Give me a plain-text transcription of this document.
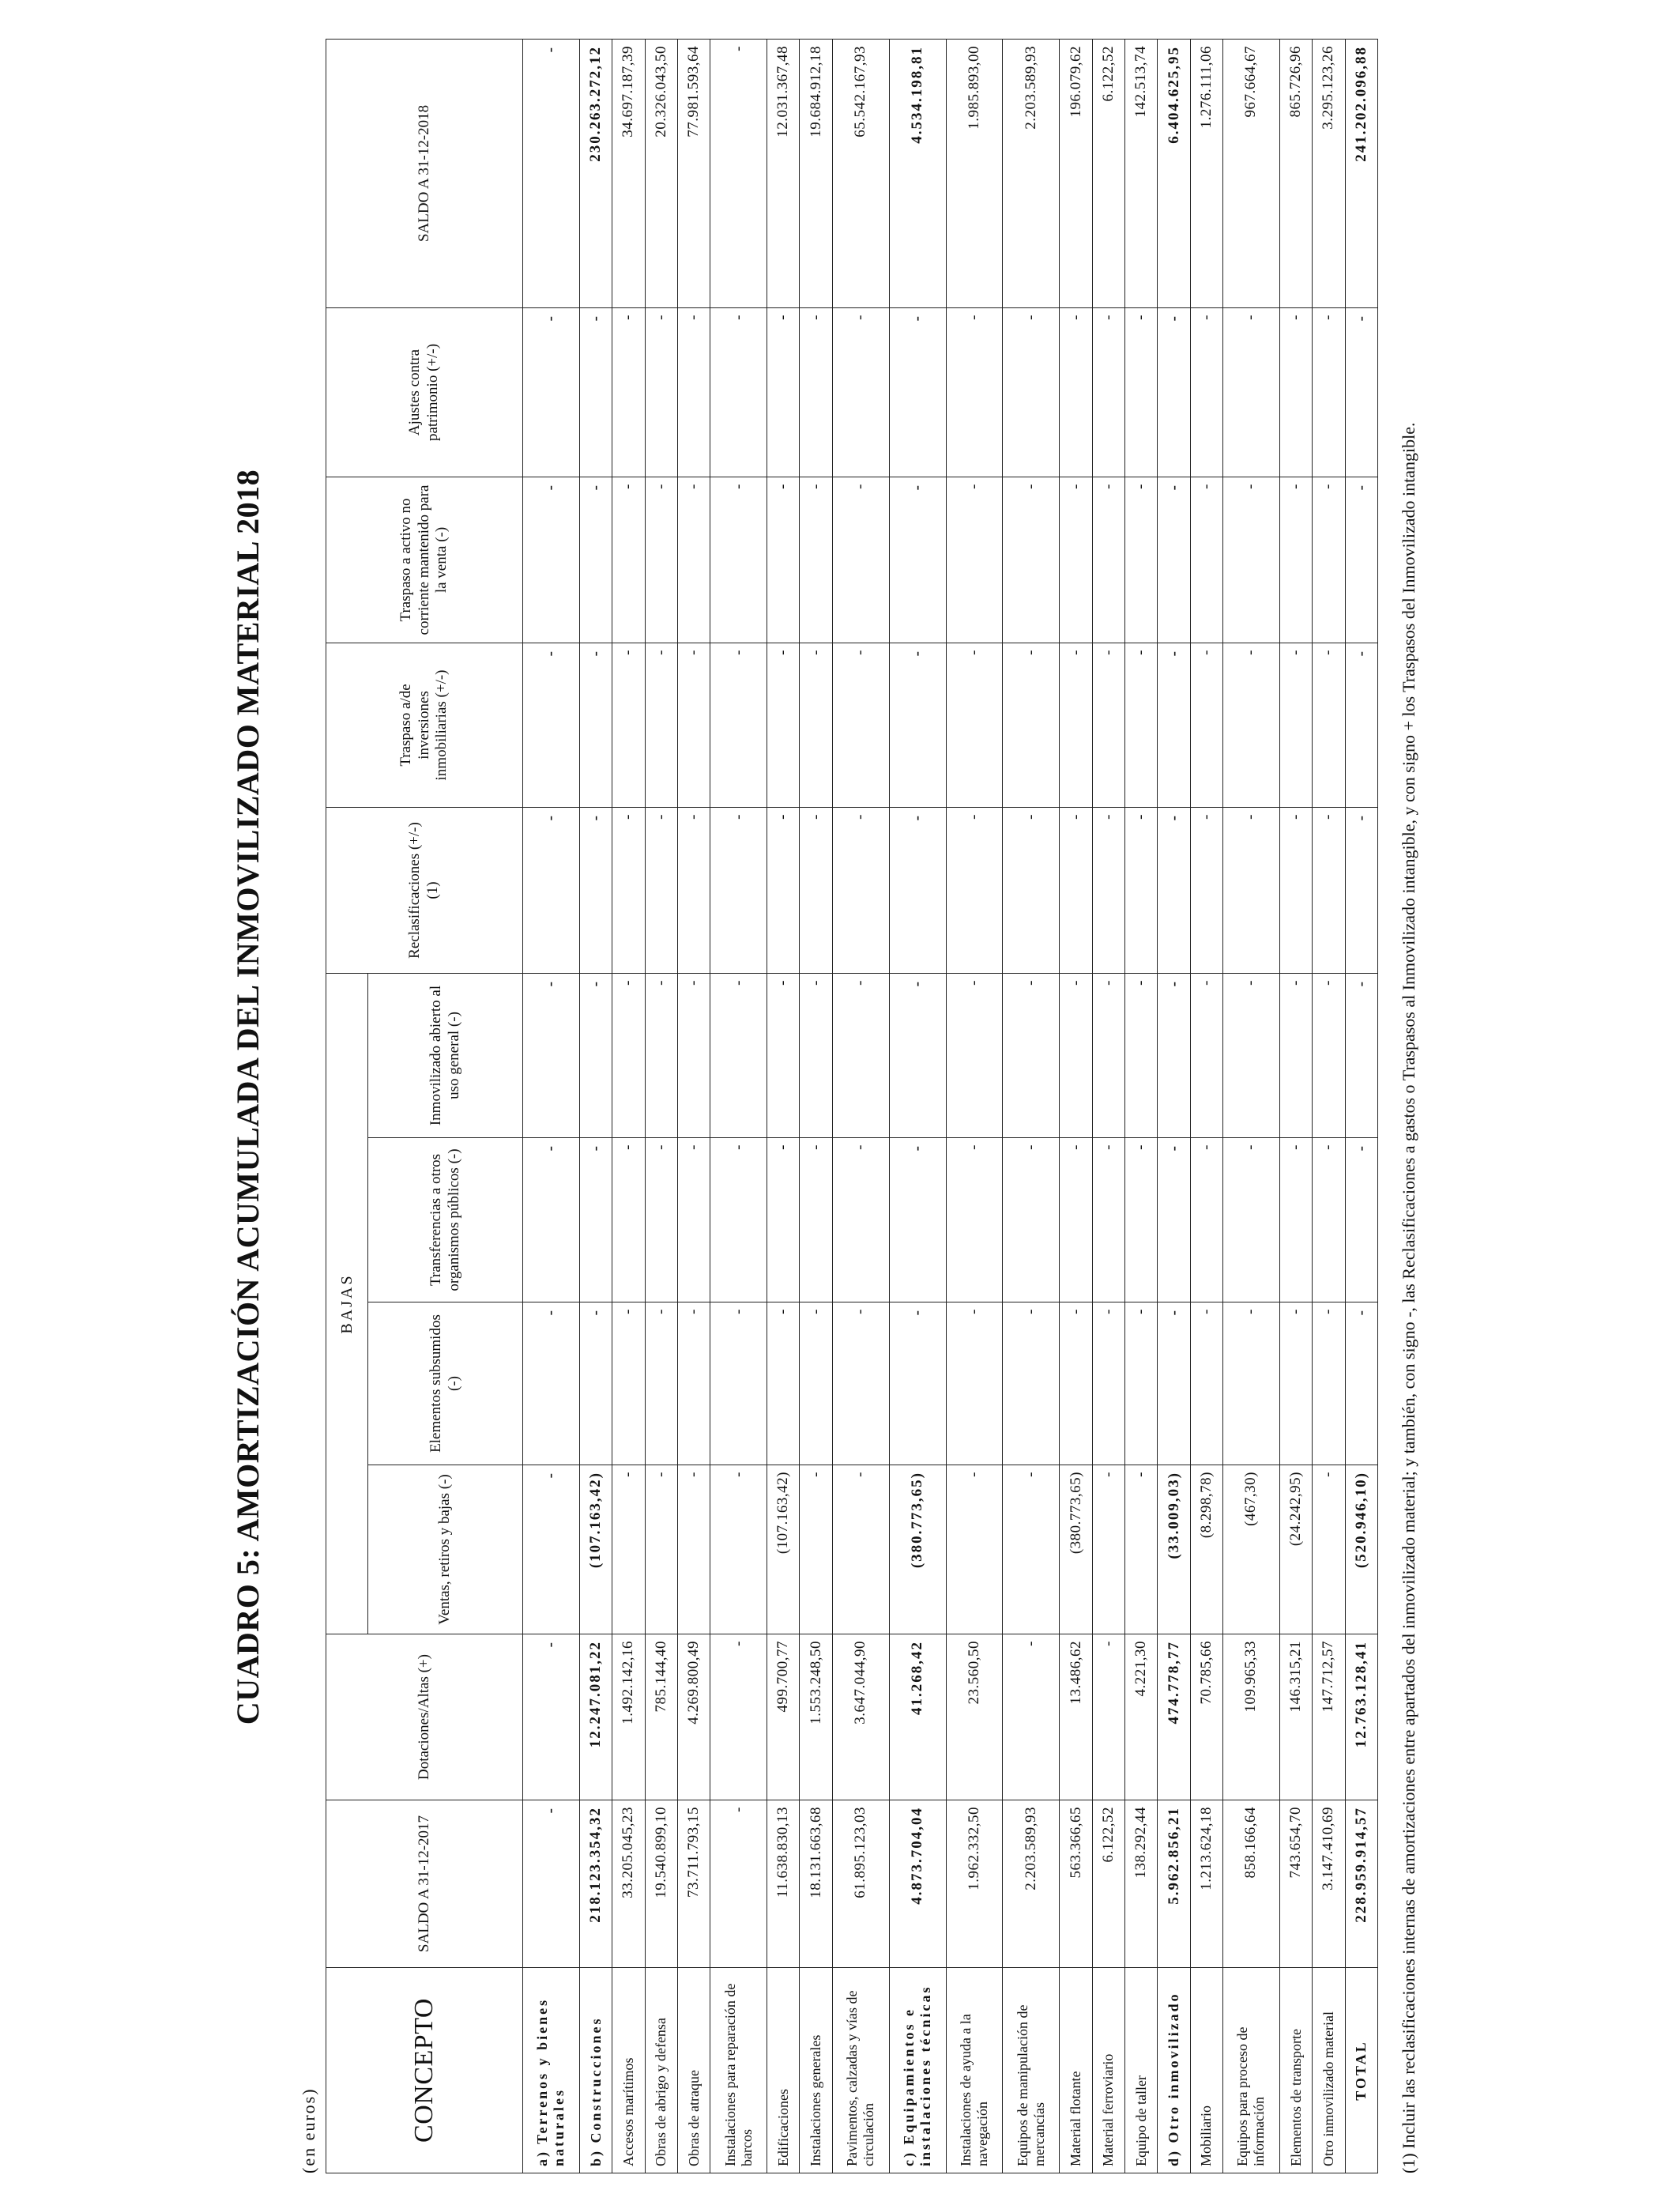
CUADRO 5: AMORTIZACIÓN ACUMULADA DEL INMOVILIZADO MATERIAL 2018
(en euros)	CONCEPTO	SALDO A 31-12-2017	Dotaciones/Altas (+)	BAJAS				Reclasificaciones (+/-) (1)	Traspaso a/de inversiones inmobiliarias (+/-)	Traspaso a activo no corriente mantenido para la venta (-)	Ajustes contra patrimonio (+/-)	SALDO A 31-12-2018
			Ventas, retiros y bajas (-)	Elementos subsumidos (-)	Transferencias a otros organismos públicos (-)	Inmovilizado abierto al uso general (-)					
a) Terrenos y bienes naturales	-	-	-	-	-	-	-	-	-	-	-
b) Construcciones	218.123.354,32	12.247.081,22	(107.163,42)	-	-	-	-	-	-	-	230.263.272,12
Accesos marítimos	33.205.045,23	1.492.142,16	-	-	-	-	-	-	-	-	34.697.187,39
Obras de abrigo y defensa	19.540.899,10	785.144,40	-	-	-	-	-	-	-	-	20.326.043,50
Obras de atraque	73.711.793,15	4.269.800,49	-	-	-	-	-	-	-	-	77.981.593,64
Instalaciones para reparación de barcos	-	-	-	-	-	-	-	-	-	-	-
Edificaciones	11.638.830,13	499.700,77	(107.163,42)	-	-	-	-	-	-	-	12.031.367,48
Instalaciones generales	18.131.663,68	1.553.248,50	-	-	-	-	-	-	-	-	19.684.912,18
Pavimentos, calzadas y vías de circulación	61.895.123,03	3.647.044,90	-	-	-	-	-	-	-	-	65.542.167,93
c) Equipamientos e instalaciones técnicas	4.873.704,04	41.268,42	(380.773,65)	-	-	-	-	-	-	-	4.534.198,81
Instalaciones de ayuda a la navegación	1.962.332,50	23.560,50	-	-	-	-	-	-	-	-	1.985.893,00
Equipos de manipulación de mercancías	2.203.589,93	-	-	-	-	-	-	-	-	-	2.203.589,93
Material flotante	563.366,65	13.486,62	(380.773,65)	-	-	-	-	-	-	-	196.079,62
Material ferroviario	6.122,52	-	-	-	-	-	-	-	-	-	6.122,52
Equipo de taller	138.292,44	4.221,30	-	-	-	-	-	-	-	-	142.513,74
d) Otro inmovilizado	5.962.856,21	474.778,77	(33.009,03)	-	-	-	-	-	-	-	6.404.625,95
Mobiliario	1.213.624,18	70.785,66	(8.298,78)	-	-	-	-	-	-	-	1.276.111,06
Equipos para proceso de información	858.166,64	109.965,33	(467,30)	-	-	-	-	-	-	-	967.664,67
Elementos de transporte	743.654,70	146.315,21	(24.242,95)	-	-	-	-	-	-	-	865.726,96
Otro inmovilizado material	3.147.410,69	147.712,57	-	-	-	-	-	-	-	-	3.295.123,26
TOTAL	228.959.914,57	12.763.128,41	(520.946,10)	-	-	-	-	-	-	-	241.202.096,88
(1) Incluir las reclasificaciones internas de amortizaciones entre apartados del inmovilizado material; y también, con signo -, las Reclasificaciones a gastos o Traspasos al Inmovilizado intangible, y con signo + los Traspasos del Inmovilizado intangible.
